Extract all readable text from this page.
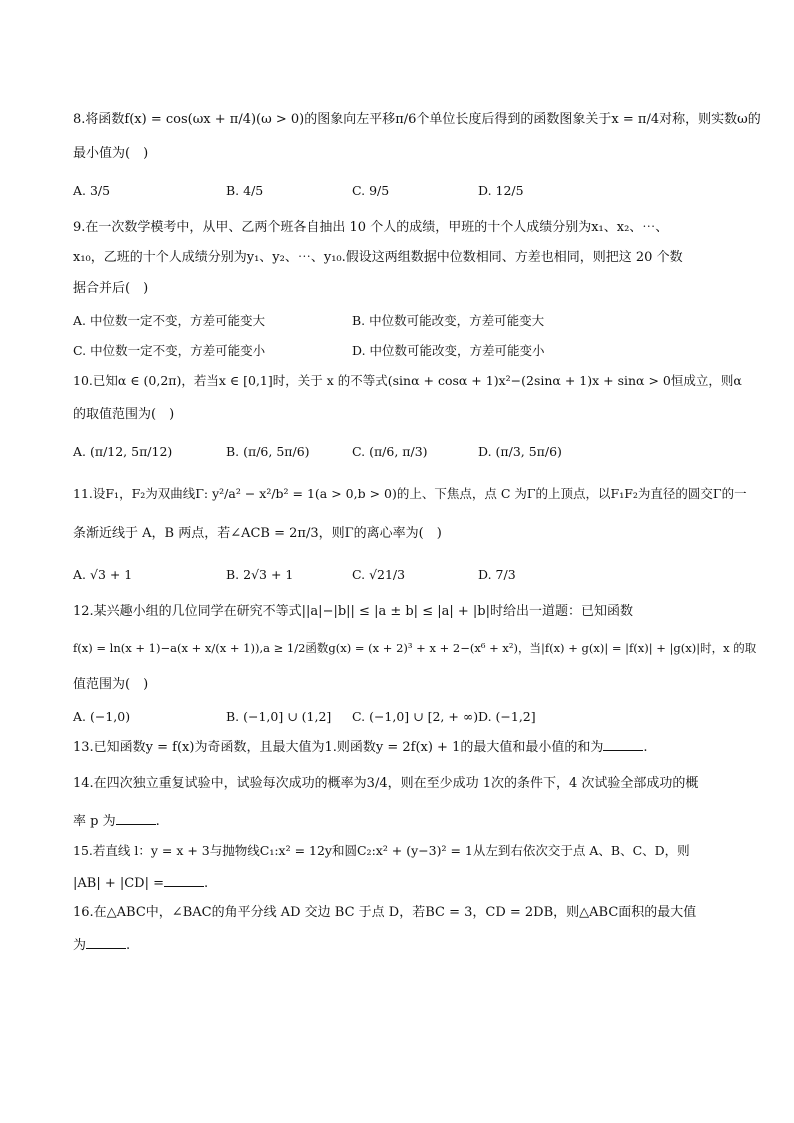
8.将函数f(x) = cos(ωx + π/4)(ω > 0)的图象向左平移π/6个单位长度后得到的函数图象关于x = π/4对称，则实数ω的
最小值为(　)
A. 3/5	B. 4/5	C. 9/5	D. 12/5
9.在一次数学模考中，从甲、乙两个班各自抽出 10 个人的成绩，甲班的十个人成绩分别为x₁、x₂、⋯、
x₁₀，乙班的十个人成绩分别为y₁、y₂、⋯、y₁₀.假设这两组数据中位数相同、方差也相同，则把这 20 个数
据合并后(　)
A. 中位数一定不变，方差可能变大	B. 中位数可能改变，方差可能变大
C. 中位数一定不变，方差可能变小	D. 中位数可能改变，方差可能变小
10.已知α ∈ (0,2π)，若当x ∈ [0,1]时，关于 x 的不等式(sinα + cosα + 1)x²−(2sinα + 1)x + sinα > 0恒成立，则α
的取值范围为(　)
A. (π/12, 5π/12)	B. (π/6, 5π/6)	C. (π/6, π/3)	D. (π/3, 5π/6)
11.设F₁，F₂为双曲线Γ: y²/a² − x²/b² = 1(a > 0,b > 0)的上、下焦点，点 C 为Γ的上顶点，以F₁F₂为直径的圆交Γ的一
条渐近线于 A，B 两点，若∠ACB = 2π/3，则Γ的离心率为(　)
A. √3 + 1	B. 2√3 + 1	C. √21/3	D. 7/3
12.某兴趣小组的几位同学在研究不等式||a|−|b|| ≤ |a ± b| ≤ |a| + |b|时给出一道题：已知函数
f(x) = ln(x + 1)−a(x + x/(x + 1)),a ≥ 1/2函数g(x) = (x + 2)³ + x + 2−(x⁶ + x²)，当|f(x) + g(x)| = |f(x)| + |g(x)|时，x 的取
值范围为(　)
A. (−1,0)	B. (−1,0] ∪ (1,2] C. (−1,0] ∪ [2, + ∞) D. (−1,2]
13.已知函数y = f(x)为奇函数，且最大值为1.则函数y = 2f(x) + 1的最大值和最小值的和为	.
14.在四次独立重复试验中，试验每次成功的概率为3/4，则在至少成功 1次的条件下，4 次试验全部成功的概
率 p 为	.
15.若直线 l：y = x + 3与抛物线C₁:x² = 12y和圆C₂:x² + (y−3)² = 1从左到右依次交于点 A、B、C、D，则
|AB| + |CD| =	.
16.在△ABC中，∠BAC的角平分线 AD 交边 BC 于点 D，若BC = 3，CD = 2DB，则△ABC面积的最大值
为	.
